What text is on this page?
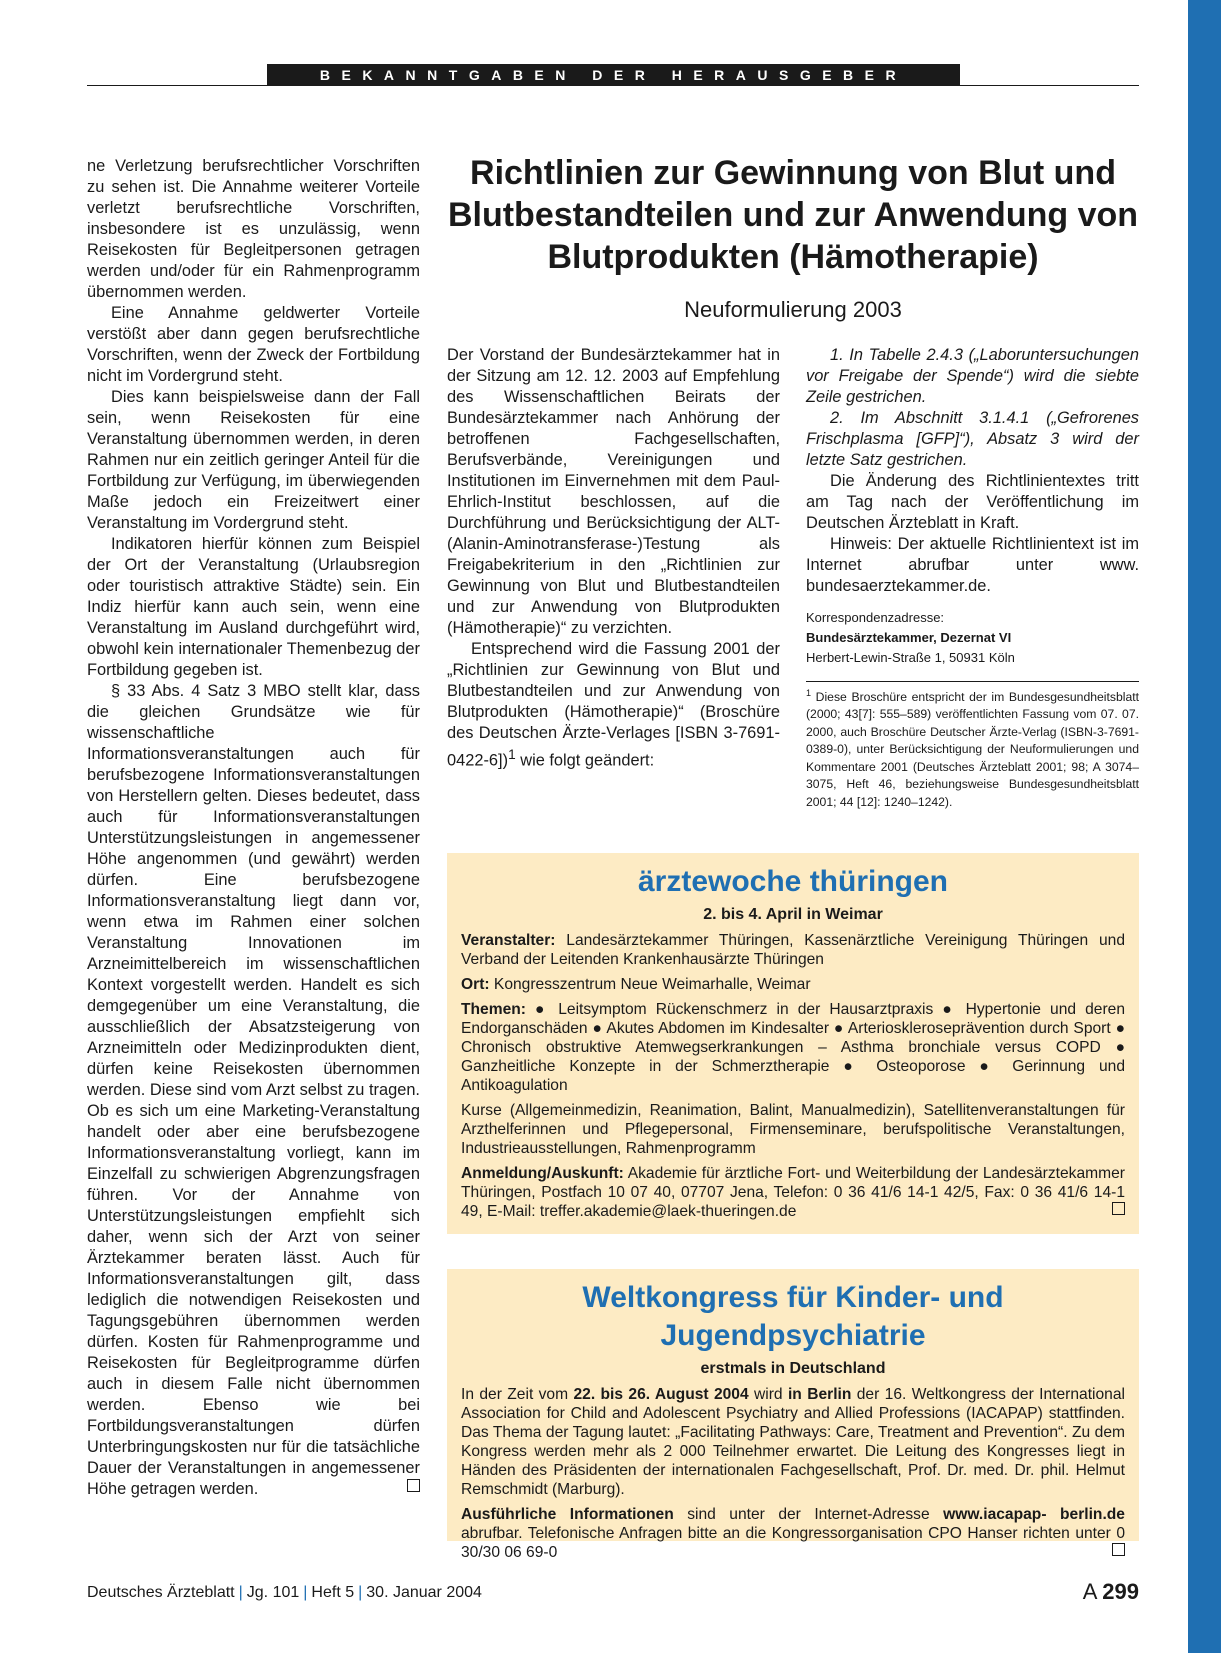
BEKANNTGABEN DER HERAUSGEBER

ne Verletzung berufsrechtlicher Vorschriften zu sehen ist. Die Annahme weiterer Vorteile verletzt berufsrechtliche Vorschriften, insbesondere ist es unzulässig, wenn Reisekosten für Begleitpersonen getragen werden und/oder für ein Rahmenprogramm übernommen werden.

Eine Annahme geldwerter Vorteile verstößt aber dann gegen berufsrechtliche Vorschriften, wenn der Zweck der Fortbildung nicht im Vordergrund steht.

Dies kann beispielsweise dann der Fall sein, wenn Reisekosten für eine Veranstaltung übernommen werden, in deren Rahmen nur ein zeitlich geringer Anteil für die Fortbildung zur Verfügung, im überwiegenden Maße jedoch ein Freizeitwert einer Veranstaltung im Vordergrund steht.

Indikatoren hierfür können zum Beispiel der Ort der Veranstaltung (Urlaubsregion oder touristisch attraktive Städte) sein. Ein Indiz hierfür kann auch sein, wenn eine Veranstaltung im Ausland durchgeführt wird, obwohl kein internationaler Themenbezug der Fortbildung gegeben ist.

§ 33 Abs. 4 Satz 3 MBO stellt klar, dass die gleichen Grundsätze wie für wissenschaftliche Informationsveranstaltungen auch für berufsbezogene Informationsveranstaltungen von Herstellern gelten. Dieses bedeutet, dass auch für Informationsveranstaltungen Unterstützungsleistungen in angemessener Höhe angenommen (und gewährt) werden dürfen. Eine berufsbezogene Informationsveranstaltung liegt dann vor, wenn etwa im Rahmen einer solchen Veranstaltung Innovationen im Arzneimittelbereich im wissenschaftlichen Kontext vorgestellt werden. Handelt es sich demgegenüber um eine Veranstaltung, die ausschließlich der Absatzsteigerung von Arzneimitteln oder Medizinprodukten dient, dürfen keine Reisekosten übernommen werden. Diese sind vom Arzt selbst zu tragen. Ob es sich um eine Marketing-Veranstaltung handelt oder aber eine berufsbezogene Informationsveranstaltung vorliegt, kann im Einzelfall zu schwierigen Abgrenzungsfragen führen. Vor der Annahme von Unterstützungsleistungen empfiehlt sich daher, wenn sich der Arzt von seiner Ärztekammer beraten lässt. Auch für Informationsveranstaltungen gilt, dass lediglich die notwendigen Reisekosten und Tagungsgebühren übernommen werden dürfen. Kosten für Rahmenprogramme und Reisekosten für Begleitprogramme dürfen auch in diesem Falle nicht übernommen werden. Ebenso wie bei Fortbildungsveranstaltungen dürfen Unterbringungskosten nur für die tatsächliche Dauer der Veranstaltungen in angemessener Höhe getragen werden.

Richtlinien zur Gewinnung von Blut und Blutbestandteilen und zur Anwendung von Blutprodukten (Hämotherapie)
Neuformulierung 2003

Der Vorstand der Bundesärztekammer hat in der Sitzung am 12. 12. 2003 auf Empfehlung des Wissenschaftlichen Beirats der Bundesärztekammer nach Anhörung der betroffenen Fachgesellschaften, Berufsverbände, Vereinigungen und Institutionen im Einvernehmen mit dem Paul-Ehrlich-Institut beschlossen, auf die Durchführung und Berücksichtigung der ALT-(Alanin-Aminotransferase-)Testung als Freigabekriterium in den „Richtlinien zur Gewinnung von Blut und Blutbestandteilen und zur Anwendung von Blutprodukten (Hämotherapie)“ zu verzichten.

Entsprechend wird die Fassung 2001 der „Richtlinien zur Gewinnung von Blut und Blutbestandteilen und zur Anwendung von Blutprodukten (Hämotherapie)“ (Broschüre des Deutschen Ärzte-Verlages [ISBN 3-7691-0422-6])$^1$ wie folgt geändert:

1. In Tabelle 2.4.3 („Laboruntersuchungen vor Freigabe der Spende“) wird die siebte Zeile gestrichen.

2. Im Abschnitt 3.1.4.1 („Gefrorenes Frischplasma [GFP]“), Absatz 3 wird der letzte Satz gestrichen.

Die Änderung des Richtlinientextes tritt am Tag nach der Veröffentlichung im Deutschen Ärzteblatt in Kraft.

Hinweis: Der aktuelle Richtlinientext ist im Internet abrufbar unter www. bundesaerztekammer.de.

Korrespondenzadresse:
Bundesärztekammer, Dezernat VI
Herbert-Lewin-Straße 1, 50931 Köln
$^1$ Diese Broschüre entspricht der im Bundesgesundheitsblatt (2000; 43[7]: 555–589) veröffentlichten Fassung vom 07. 07. 2000, auch Broschüre Deutscher Ärzte-Verlag (ISBN-3-7691-0389-0), unter Berücksichtigung der Neuformulierungen und Kommentare 2001 (Deutsches Ärzteblatt 2001; 98; A 3074–3075, Heft 46, beziehungsweise Bundesgesundheitsblatt 2001; 44 [12]: 1240–1242).
ärztewoche thüringen
2. bis 4. April in Weimar

Veranstalter: Landesärztekammer Thüringen, Kassenärztliche Vereinigung Thüringen und Verband der Leitenden Krankenhausärzte Thüringen

Ort: Kongresszentrum Neue Weimarhalle, Weimar

Themen: ● Leitsymptom Rückenschmerz in der Hausarztpraxis ● Hypertonie und deren Endorganschäden ● Akutes Abdomen im Kindesalter ● Arterioskleroseprävention durch Sport ● Chronisch obstruktive Atemwegserkrankungen – Asthma bronchiale versus COPD ● Ganzheitliche Konzepte in der Schmerztherapie ● Osteoporose ● Gerinnung und Antikoagulation

Kurse (Allgemeinmedizin, Reanimation, Balint, Manualmedizin), Satellitenveranstaltungen für Arzthelferinnen und Pflegepersonal, Firmenseminare, berufspolitische Veranstaltungen, Industrieausstellungen, Rahmenprogramm

Anmeldung/Auskunft: Akademie für ärztliche Fort- und Weiterbildung der Landesärztekammer Thüringen, Postfach 10 07 40, 07707 Jena, Telefon: 0 36 41/6 14-1 42/5, Fax: 0 36 41/6 14-1 49, E-Mail: treffer.akademie@laek-thueringen.de

Weltkongress für Kinder- und Jugendpsychiatrie
erstmals in Deutschland

In der Zeit vom 22. bis 26. August 2004 wird in Berlin der 16. Weltkongress der International Association for Child and Adolescent Psychiatry and Allied Professions (IACAPAP) stattfinden. Das Thema der Tagung lautet: „Facilitating Pathways: Care, Treatment and Prevention“. Zu dem Kongress werden mehr als 2 000 Teilnehmer erwartet. Die Leitung des Kongresses liegt in Händen des Präsidenten der internationalen Fachgesellschaft, Prof. Dr. med. Dr. phil. Helmut Remschmidt (Marburg).

Ausführliche Informationen sind unter der Internet-Adresse www.iacapap- berlin.de abrufbar. Telefonische Anfragen bitte an die Kongressorganisation CPO Hanser richten unter 0 30/30 06 69-0

Deutsches Ärzteblatt | Jg. 101 | Heft 5 | 30. Januar 2004	A 299
